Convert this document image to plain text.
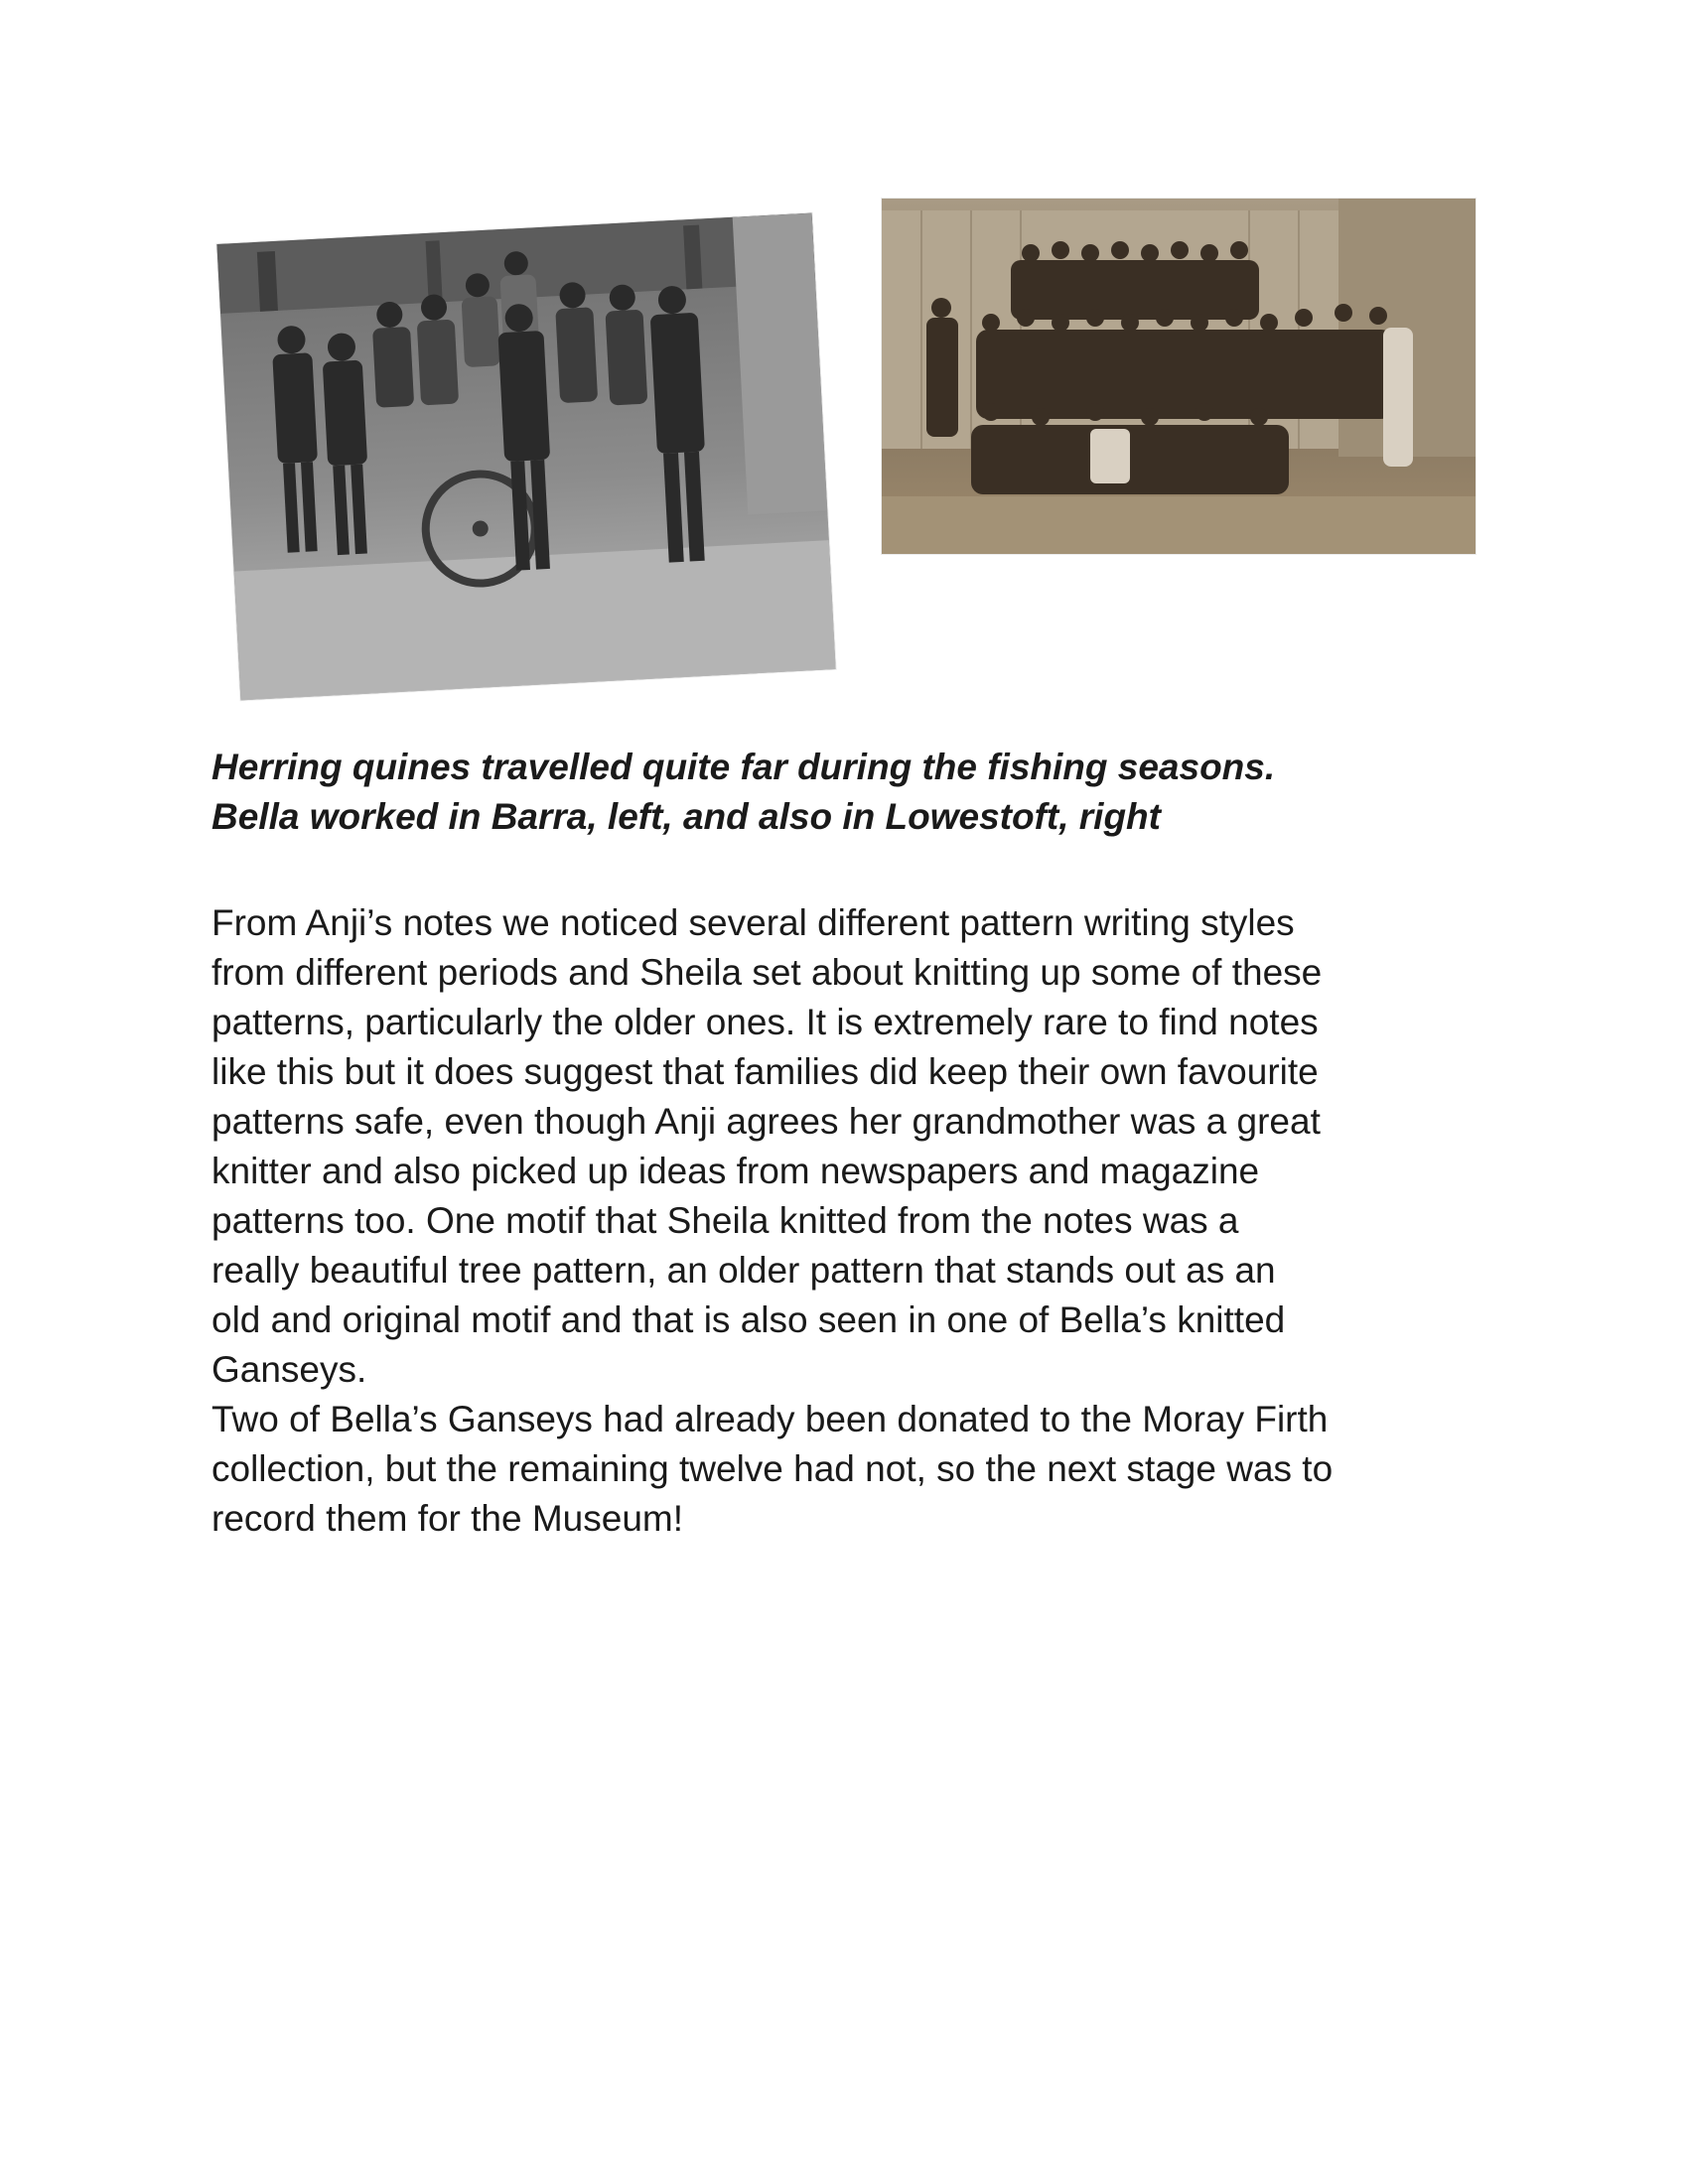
Herring quines travelled quite far during the fishing seasons.
Bella worked in Barra, left, and also in Lowestoft, right

From Anji’s notes we noticed several different pattern writing styles
from different periods and Sheila set about knitting up some of these
patterns, particularly the older ones. It is extremely rare to find notes
like this but it does suggest that families did keep their own favourite
patterns safe, even though Anji agrees her grandmother was a great
knitter and also picked up ideas from newspapers and magazine
patterns too. One motif that Sheila knitted from the notes was a
really beautiful tree pattern, an older pattern that stands out as an
old and original motif and that is also seen in one of Bella’s knitted
Ganseys.
Two of Bella’s Ganseys had already been donated to the Moray Firth
collection, but the remaining twelve had not, so the next stage was to
record them for the Museum!
